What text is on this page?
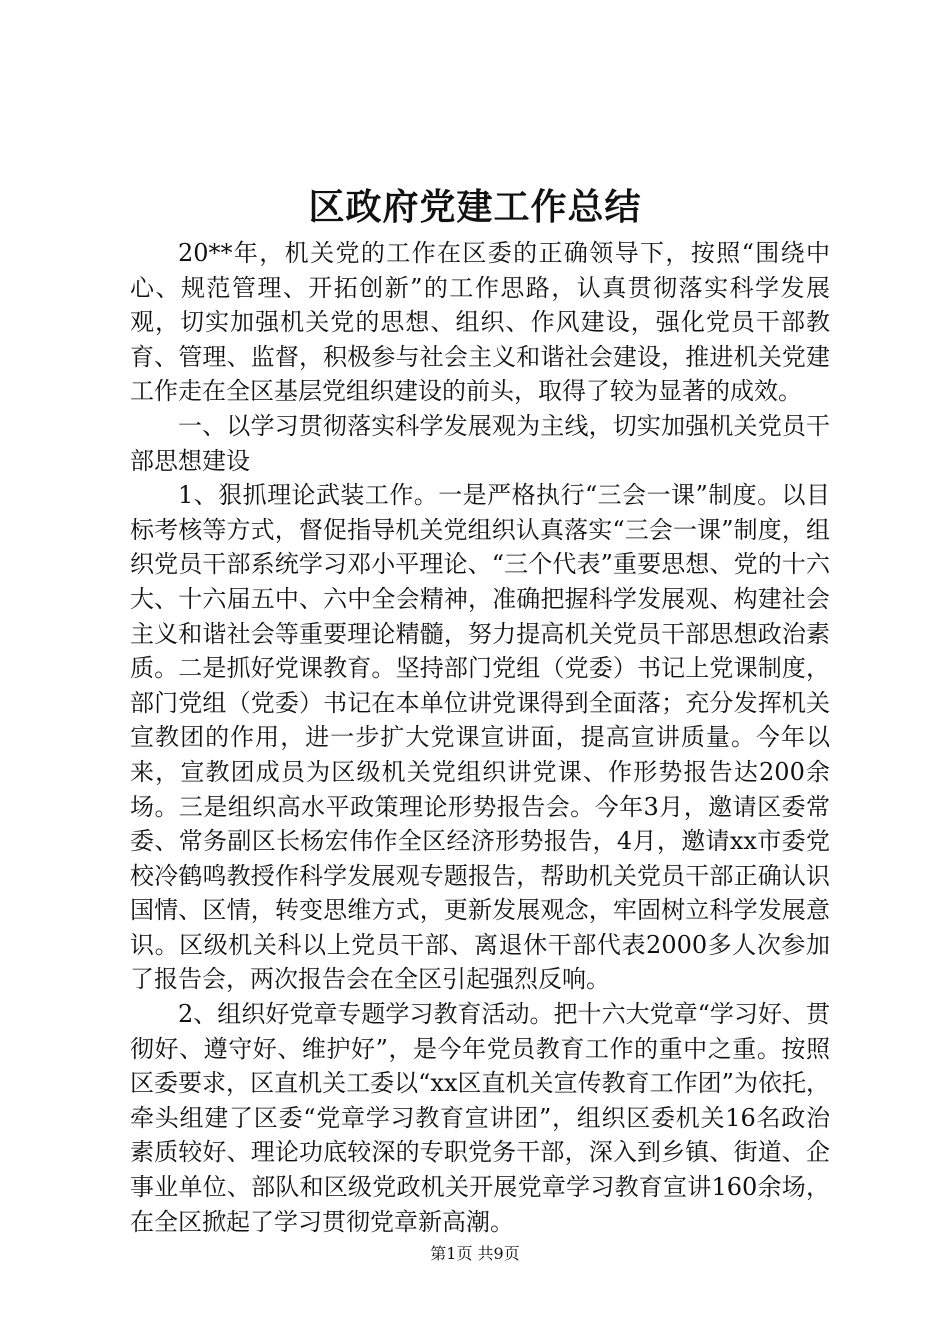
区政府党建工作总结

20**年，机关党的工作在区委的正确领导下，按照“围绕中心、规范管理、开拓创新”的工作思路，认真贯彻落实科学发展观，切实加强机关党的思想、组织、作风建设，强化党员干部教育、管理、监督，积极参与社会主义和谐社会建设，推进机关党建工作走在全区基层党组织建设的前头，取得了较为显著的成效。

一、以学习贯彻落实科学发展观为主线，切实加强机关党员干部思想建设

1、狠抓理论武装工作。一是严格执行“三会一课”制度。以目标考核等方式，督促指导机关党组织认真落实“三会一课”制度，组织党员干部系统学习邓小平理论、“三个代表”重要思想、党的十六大、十六届五中、六中全会精神，准确把握科学发展观、构建社会主义和谐社会等重要理论精髓，努力提高机关党员干部思想政治素质。二是抓好党课教育。坚持部门党组（党委）书记上党课制度，部门党组（党委）书记在本单位讲党课得到全面落；充分发挥机关宣教团的作用，进一步扩大党课宣讲面，提高宣讲质量。今年以来，宣教团成员为区级机关党组织讲党课、作形势报告达200余场。三是组织高水平政策理论形势报告会。今年3月，邀请区委常委、常务副区长杨宏伟作全区经济形势报告，4月，邀请xx市委党校冷鹤鸣教授作科学发展观专题报告，帮助机关党员干部正确认识国情、区情，转变思维方式，更新发展观念，牢固树立科学发展意识。区级机关科以上党员干部、离退休干部代表2000多人次参加了报告会，两次报告会在全区引起强烈反响。

2、组织好党章专题学习教育活动。把十六大党章“学习好、贯彻好、遵守好、维护好”，是今年党员教育工作的重中之重。按照区委要求，区直机关工委以“xx区直机关宣传教育工作团”为依托，牵头组建了区委“党章学习教育宣讲团”，组织区委机关16名政治素质较好、理论功底较深的专职党务干部，深入到乡镇、街道、企事业单位、部队和区级党政机关开展党章学习教育宣讲160余场，在全区掀起了学习贯彻党章新高潮。

第1页 共9页
